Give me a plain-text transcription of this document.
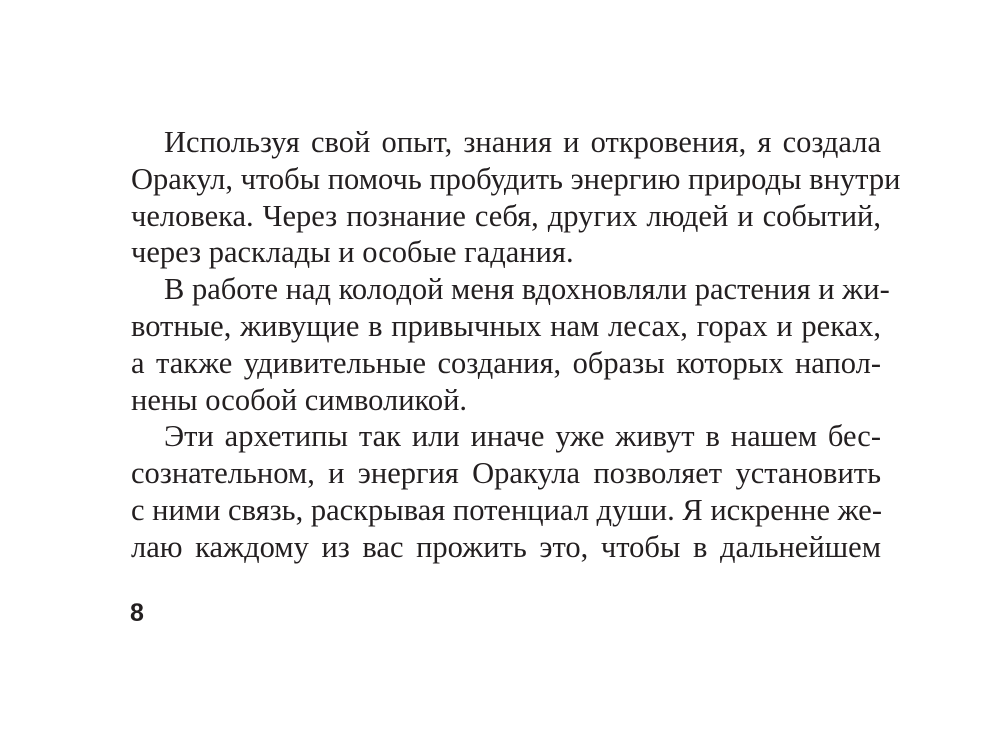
Используя свой опыт, знания и откровения, я создала
Оракул, чтобы помочь пробудить энергию природы внутри
человека. Через познание себя, других людей и событий,
через расклады и особые гадания.
В работе над колодой меня вдохновляли растения и жи-
вотные, живущие в привычных нам лесах, горах и реках,
а также удивительные создания, образы которых напол-
нены особой символикой.
Эти архетипы так или иначе уже живут в нашем бес-
сознательном, и энергия Оракула позволяет установить
с ними связь, раскрывая потенциал души. Я искренне же-
лаю каждому из вас прожить это, чтобы в дальнейшем
8
